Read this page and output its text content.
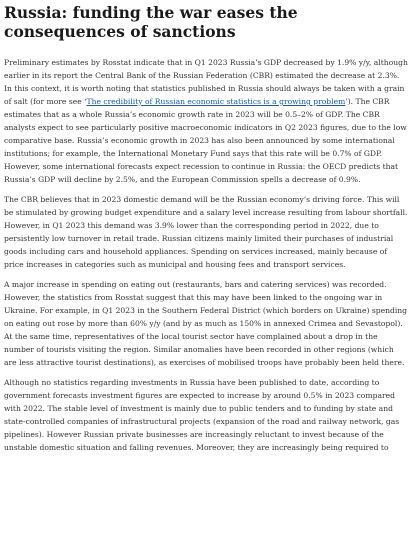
Russia: funding the war eases the consequences of sanctions

Preliminary estimates by Rosstat indicate that in Q1 2023 Russia’s GDP decreased by 1.9% y/y, although earlier in its report the Central Bank of the Russian Federation (CBR) estimated the decrease at 2.3%. In this context, it is worth noting that statistics published in Russia should always be taken with a grain of salt (for more see ‘The credibility of Russian economic statistics is a growing problem’). The CBR estimates that as a whole Russia’s economic growth rate in 2023 will be 0.5–2% of GDP. The CBR analysts expect to see particularly positive macroeconomic indicators in Q2 2023 figures, due to the low comparative base. Russia’s economic growth in 2023 has also been announced by some international institutions; for example, the International Monetary Fund says that this rate will be 0.7% of GDP. However, some international forecasts expect recession to continue in Russia: the OECD predicts that Russia’s GDP will decline by 2.5%, and the European Commission spells a decrease of 0.9%.

The CBR believes that in 2023 domestic demand will be the Russian economy’s driving force. This will be stimulated by growing budget expenditure and a salary level increase resulting from labour shortfall. However, in Q1 2023 this demand was 3.9% lower than the corresponding period in 2022, due to persistently low turnover in retail trade. Russian citizens mainly limited their purchases of industrial goods including cars and household appliances. Spending on services increased, mainly because of price increases in categories such as municipal and housing fees and transport services.

A major increase in spending on eating out (restaurants, bars and catering services) was recorded. However, the statistics from Rosstat suggest that this may have been linked to the ongoing war in Ukraine. For example, in Q1 2023 in the Southern Federal District (which borders on Ukraine) spending on eating out rose by more than 60% y/y (and by as much as 150% in annexed Crimea and Sevastopol). At the same time, representatives of the local tourist sector have complained about a drop in the number of tourists visiting the region. Similar anomalies have been recorded in other regions (which are less attractive tourist destinations), as exercises of mobilised troops have probably been held there.

Although no statistics regarding investments in Russia have been published to date, according to government forecasts investment figures are expected to increase by around 0.5% in 2023 compared with 2022. The stable level of investment is mainly due to public tenders and to funding by state and state-controlled companies of infrastructural projects (expansion of the road and railway network, gas pipelines). However Russian private businesses are increasingly reluctant to invest because of the unstable domestic situation and falling revenues. Moreover, they are increasingly being required to
